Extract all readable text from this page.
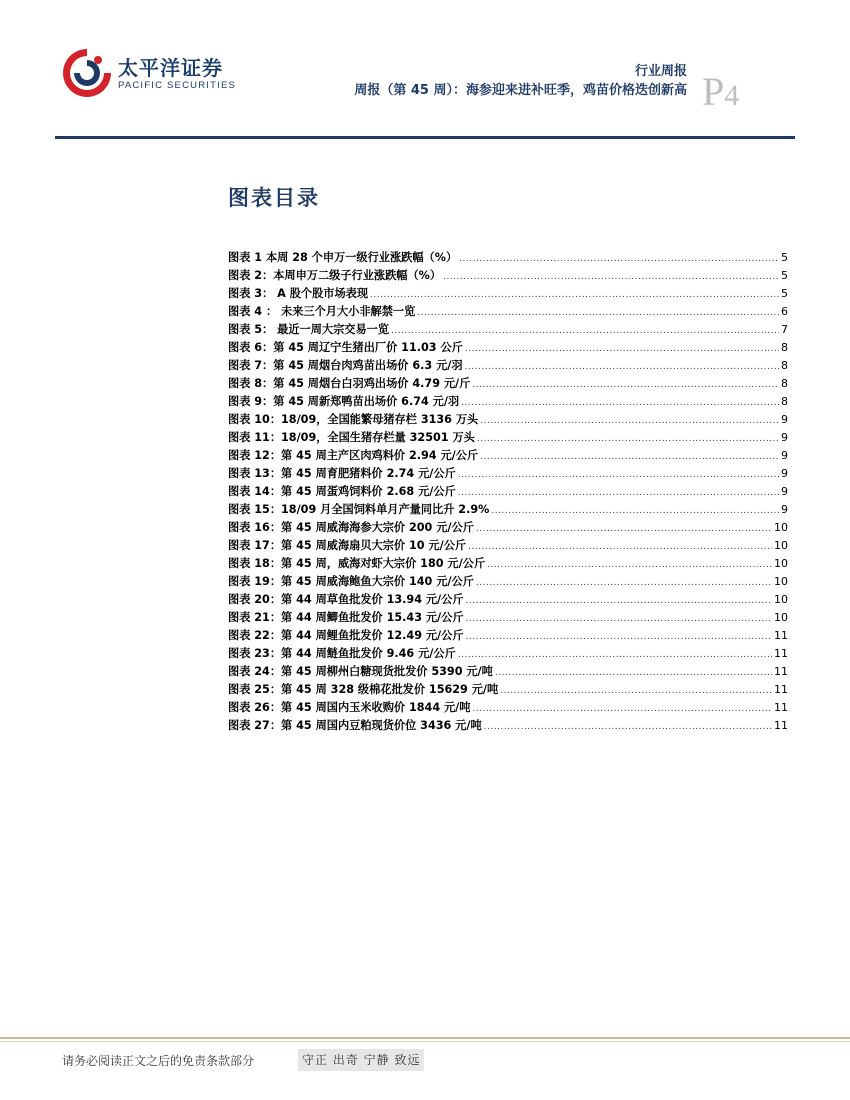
太平洋证券
PACIFIC SECURITIES
行业周报
周报（第 45 周）：海参迎来进补旺季，鸡苗价格迭创新高 P4
图表目录
图表 1 本周 28 个申万一级行业涨跌幅（%） .....	5
图表 2：本周申万二级子行业涨跌幅（%） .....	5
图表 3： A 股个股市场表现 .....	5
图表 4 ： 未来三个月大小非解禁一览 .....	6
图表 5： 最近一周大宗交易一览 .....	7
图表 6：第 45 周辽宁生猪出厂价 11.03 公斤 .....	8
图表 7：第 45 周烟台肉鸡苗出场价 6.3 元/羽 .....	8
图表 8：第 45 周烟台白羽鸡出场价 4.79 元/斤 .....	8
图表 9：第 45 周新郑鸭苗出场价 6.74 元/羽 .....	8
图表 10：18/09，全国能繁母猪存栏 3136 万头 .....	9
图表 11：18/09，全国生猪存栏量 32501 万头 .....	9
图表 12：第 45 周主产区肉鸡料价 2.94 元/公斤 .....	9
图表 13：第 45 周育肥猪料价 2.74 元/公斤 .....	9
图表 14：第 45 周蛋鸡饲料价 2.68 元/公斤 .....	9
图表 15：18/09 月全国饲料单月产量同比升 2.9% .....	9
图表 16：第 45 周威海海参大宗价 200 元/公斤 .....	10
图表 17：第 45 周威海扇贝大宗价 10 元/公斤 .....	10
图表 18：第 45 周，威海对虾大宗价 180 元/公斤 .....	10
图表 19：第 45 周威海鲍鱼大宗价 140 元/公斤 .....	10
图表 20：第 44 周草鱼批发价 13.94 元/公斤 .....	10
图表 21：第 44 周鲫鱼批发价 15.43 元/公斤 .....	10
图表 22：第 44 周鲤鱼批发价 12.49 元/公斤 .....	11
图表 23：第 44 周鲢鱼批发价 9.46 元/公斤 .....	11
图表 24：第 45 周柳州白糖现货批发价 5390 元/吨 .....	11
图表 25：第 45 周 328 级棉花批发价 15629 元/吨 .....	11
图表 26：第 45 周国内玉米收购价 1844 元/吨 .....	11
图表 27：第 45 周国内豆粕现货价位 3436 元/吨 .....	11
请务必阅读正文之后的免责条款部分	守正 出奇 宁静 致远
